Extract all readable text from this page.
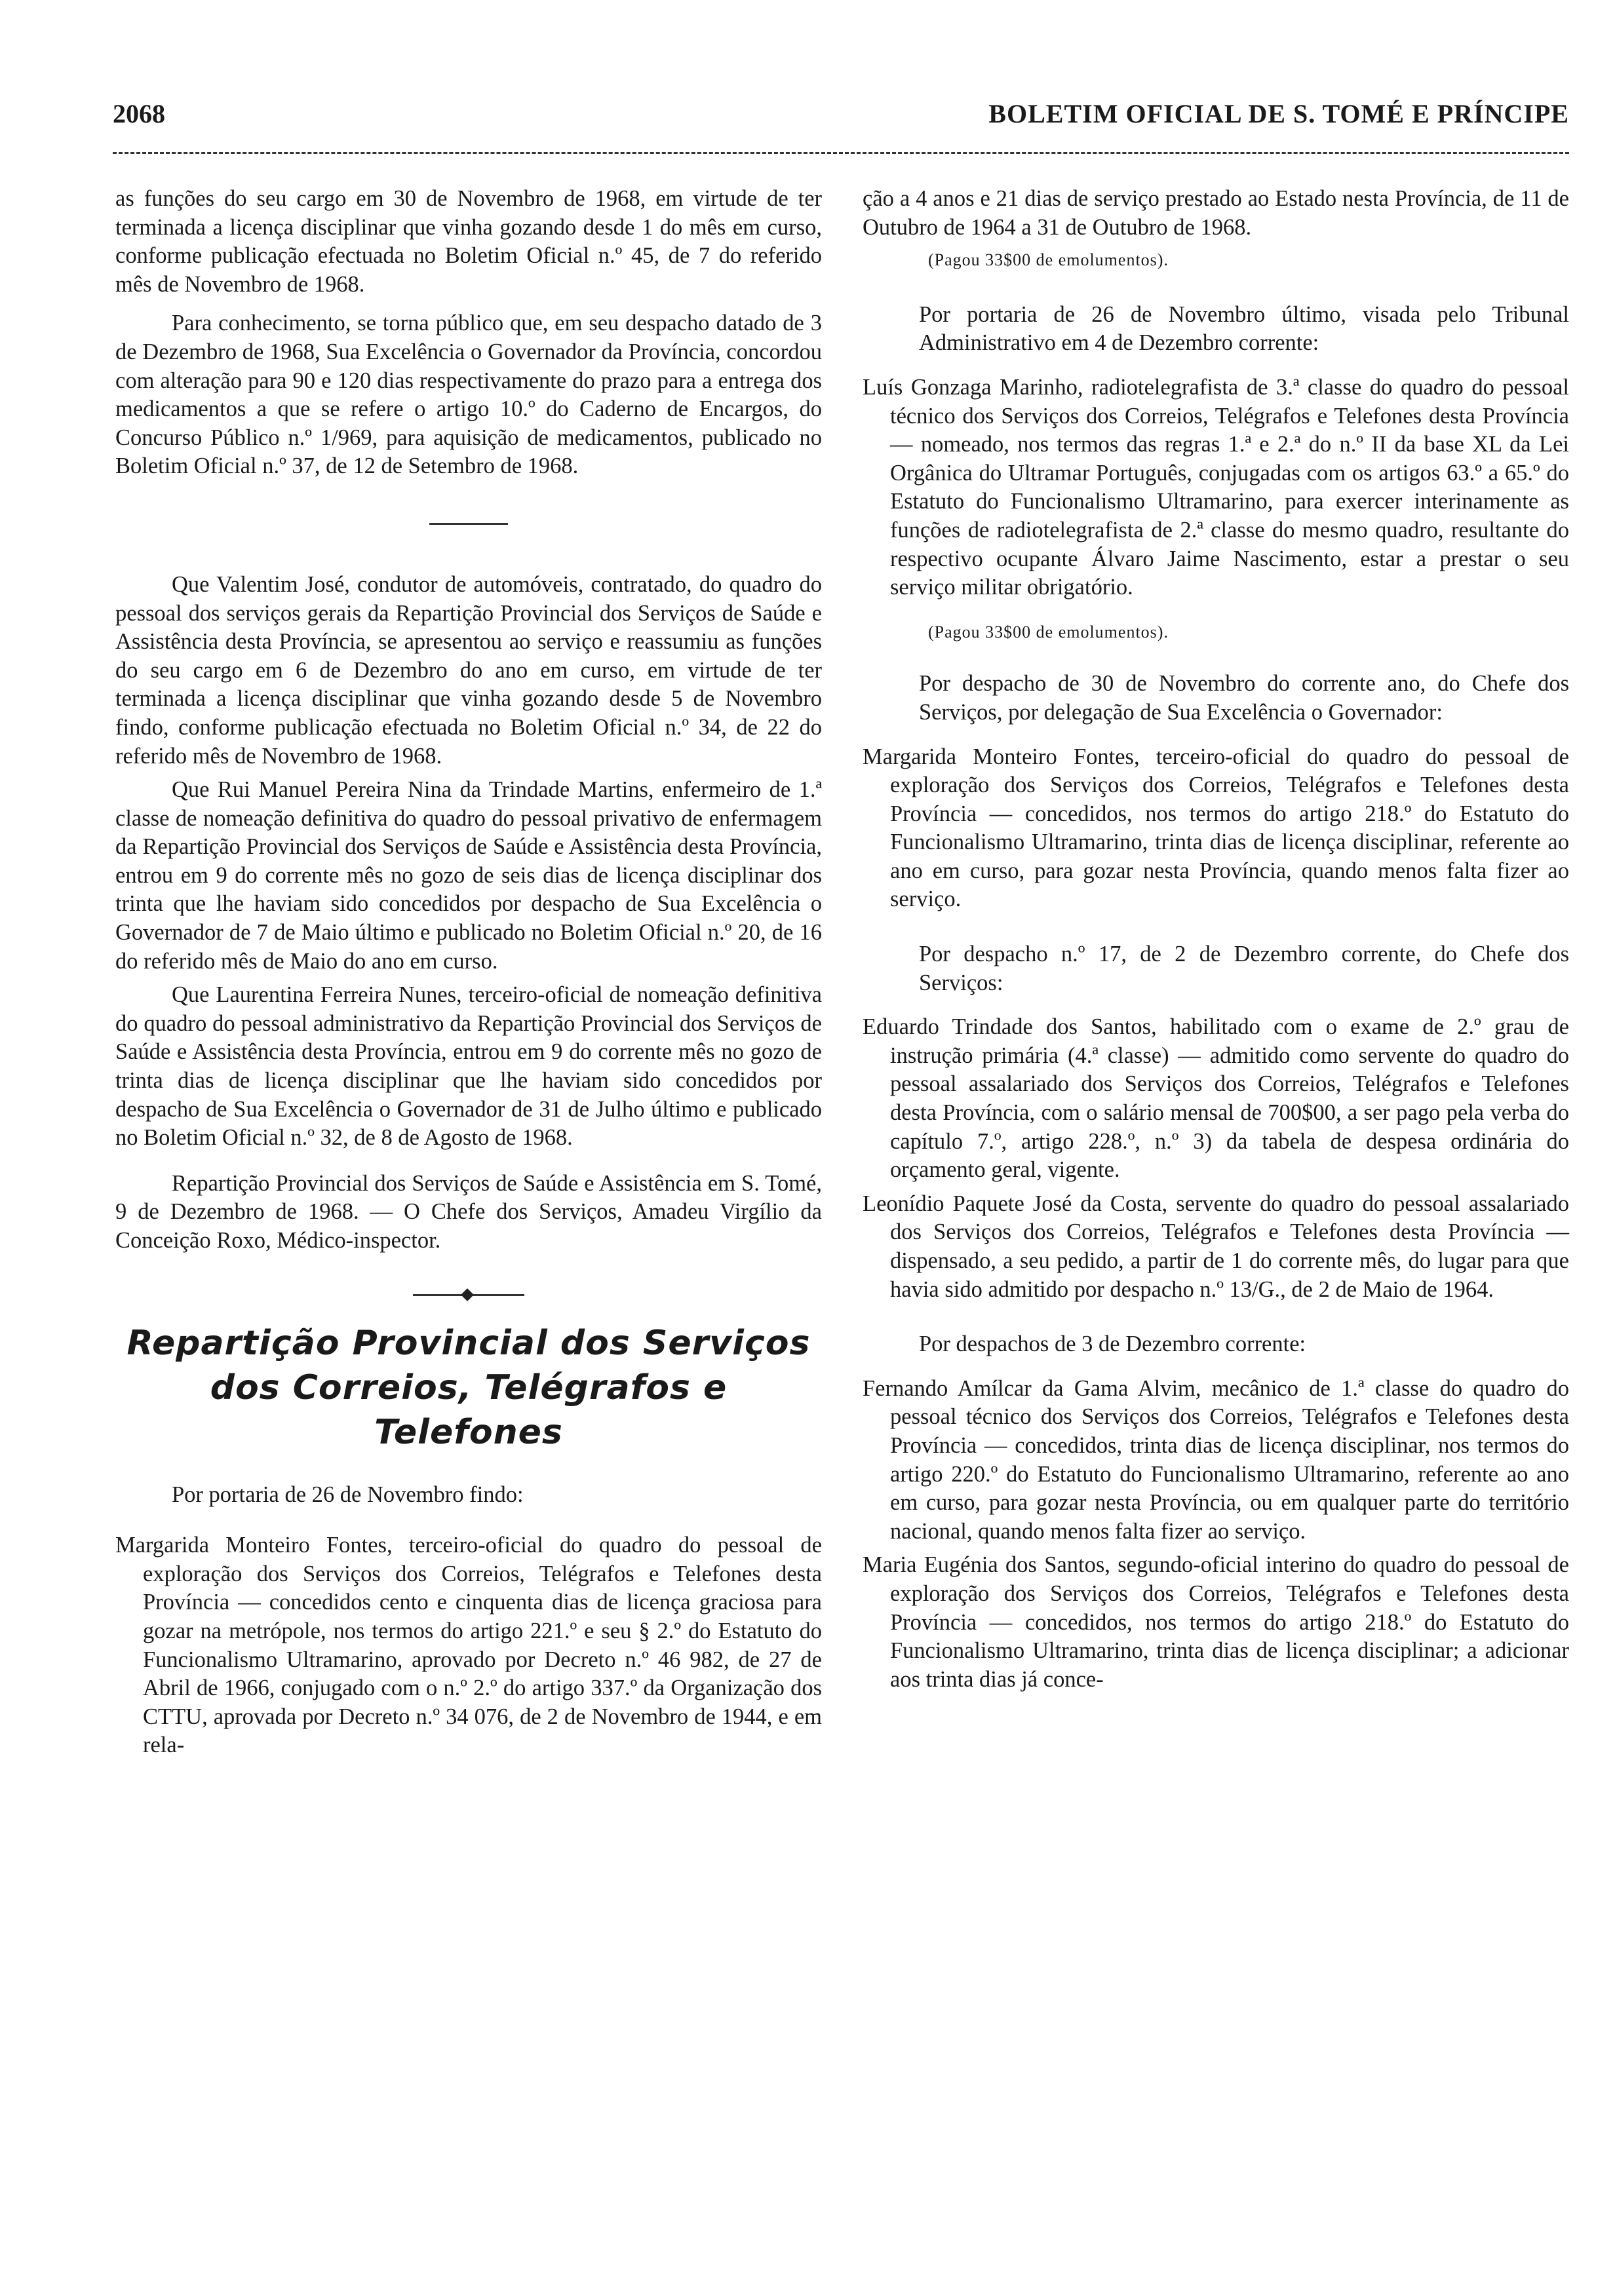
2068	BOLETIM OFICIAL DE S. TOMÉ E PRÍNCIPE

as funções do seu cargo em 30 de Novembro de 1968, em virtude de ter terminada a licença disciplinar que vinha gozando desde 1 do mês em curso, conforme publicação efectuada no Boletim Oficial n.º 45, de 7 do referido mês de Novembro de 1968.

Para conhecimento, se torna público que, em seu despacho datado de 3 de Dezembro de 1968, Sua Excelência o Governador da Província, concordou com alteração para 90 e 120 dias respectivamente do prazo para a entrega dos medicamentos a que se refere o artigo 10.º do Caderno de Encargos, do Concurso Público n.º 1/969, para aquisição de medicamentos, publicado no Boletim Oficial n.º 37, de 12 de Setembro de 1968.

Que Valentim José, condutor de automóveis, contratado, do quadro do pessoal dos serviços gerais da Repartição Provincial dos Serviços de Saúde e Assistência desta Província, se apresentou ao serviço e reassumiu as funções do seu cargo em 6 de Dezembro do ano em curso, em virtude de ter terminada a licença disciplinar que vinha gozando desde 5 de Novembro findo, conforme publicação efectuada no Boletim Oficial n.º 34, de 22 do referido mês de Novembro de 1968.

Que Rui Manuel Pereira Nina da Trindade Martins, enfermeiro de 1.ª classe de nomeação definitiva do quadro do pessoal privativo de enfermagem da Repartição Provincial dos Serviços de Saúde e Assistência desta Província, entrou em 9 do corrente mês no gozo de seis dias de licença disciplinar dos trinta que lhe haviam sido concedidos por despacho de Sua Excelência o Governador de 7 de Maio último e publicado no Boletim Oficial n.º 20, de 16 do referido mês de Maio do ano em curso.

Que Laurentina Ferreira Nunes, terceiro-oficial de nomeação definitiva do quadro do pessoal administrativo da Repartição Provincial dos Serviços de Saúde e Assistência desta Província, entrou em 9 do corrente mês no gozo de trinta dias de licença disciplinar que lhe haviam sido concedidos por despacho de Sua Excelência o Governador de 31 de Julho último e publicado no Boletim Oficial n.º 32, de 8 de Agosto de 1968.

Repartição Provincial dos Serviços de Saúde e Assistência em S. Tomé, 9 de Dezembro de 1968. — O Chefe dos Serviços, Amadeu Virgílio da Conceição Roxo, Médico-inspector.

Repartição Provincial dos Serviços
dos Correios, Telégrafos e Telefones

Por portaria de 26 de Novembro findo:

Margarida Monteiro Fontes, terceiro-oficial do quadro do pessoal de exploração dos Serviços dos Correios, Telégrafos e Telefones desta Província — concedidos cento e cinquenta dias de licença graciosa para gozar na metrópole, nos termos do artigo 221.º e seu § 2.º do Estatuto do Funcionalismo Ultramarino, aprovado por Decreto n.º 46 982, de 27 de Abril de 1966, conjugado com o n.º 2.º do artigo 337.º da Organização dos CTTU, aprovada por Decreto n.º 34 076, de 2 de Novembro de 1944, e em rela-

ção a 4 anos e 21 dias de serviço prestado ao Estado nesta Província, de 11 de Outubro de 1964 a 31 de Outubro de 1968.

(Pagou 33$00 de emolumentos).

Por portaria de 26 de Novembro último, visada pelo Tribunal Administrativo em 4 de Dezembro corrente:

Luís Gonzaga Marinho, radiotelegrafista de 3.ª classe do quadro do pessoal técnico dos Serviços dos Correios, Telégrafos e Telefones desta Província — nomeado, nos termos das regras 1.ª e 2.ª do n.º II da base XL da Lei Orgânica do Ultramar Português, conjugadas com os artigos 63.º a 65.º do Estatuto do Funcionalismo Ultramarino, para exercer interinamente as funções de radiotelegrafista de 2.ª classe do mesmo quadro, resultante do respectivo ocupante Álvaro Jaime Nascimento, estar a prestar o seu serviço militar obrigatório.

(Pagou 33$00 de emolumentos).

Por despacho de 30 de Novembro do corrente ano, do Chefe dos Serviços, por delegação de Sua Excelência o Governador:

Margarida Monteiro Fontes, terceiro-oficial do quadro do pessoal de exploração dos Serviços dos Correios, Telégrafos e Telefones desta Província — concedidos, nos termos do artigo 218.º do Estatuto do Funcionalismo Ultramarino, trinta dias de licença disciplinar, referente ao ano em curso, para gozar nesta Província, quando menos falta fizer ao serviço.

Por despacho n.º 17, de 2 de Dezembro corrente, do Chefe dos Serviços:

Eduardo Trindade dos Santos, habilitado com o exame de 2.º grau de instrução primária (4.ª classe) — admitido como servente do quadro do pessoal assalariado dos Serviços dos Correios, Telégrafos e Telefones desta Província, com o salário mensal de 700$00, a ser pago pela verba do capítulo 7.º, artigo 228.º, n.º 3) da tabela de despesa ordinária do orçamento geral, vigente.

Leonídio Paquete José da Costa, servente do quadro do pessoal assalariado dos Serviços dos Correios, Telégrafos e Telefones desta Província — dispensado, a seu pedido, a partir de 1 do corrente mês, do lugar para que havia sido admitido por despacho n.º 13/G., de 2 de Maio de 1964.

Por despachos de 3 de Dezembro corrente:

Fernando Amílcar da Gama Alvim, mecânico de 1.ª classe do quadro do pessoal técnico dos Serviços dos Correios, Telégrafos e Telefones desta Província — concedidos, trinta dias de licença disciplinar, nos termos do artigo 220.º do Estatuto do Funcionalismo Ultramarino, referente ao ano em curso, para gozar nesta Província, ou em qualquer parte do território nacional, quando menos falta fizer ao serviço.

Maria Eugénia dos Santos, segundo-oficial interino do quadro do pessoal de exploração dos Serviços dos Correios, Telégrafos e Telefones desta Província — concedidos, nos termos do artigo 218.º do Estatuto do Funcionalismo Ultramarino, trinta dias de licença disciplinar; a adicionar aos trinta dias já conce-
